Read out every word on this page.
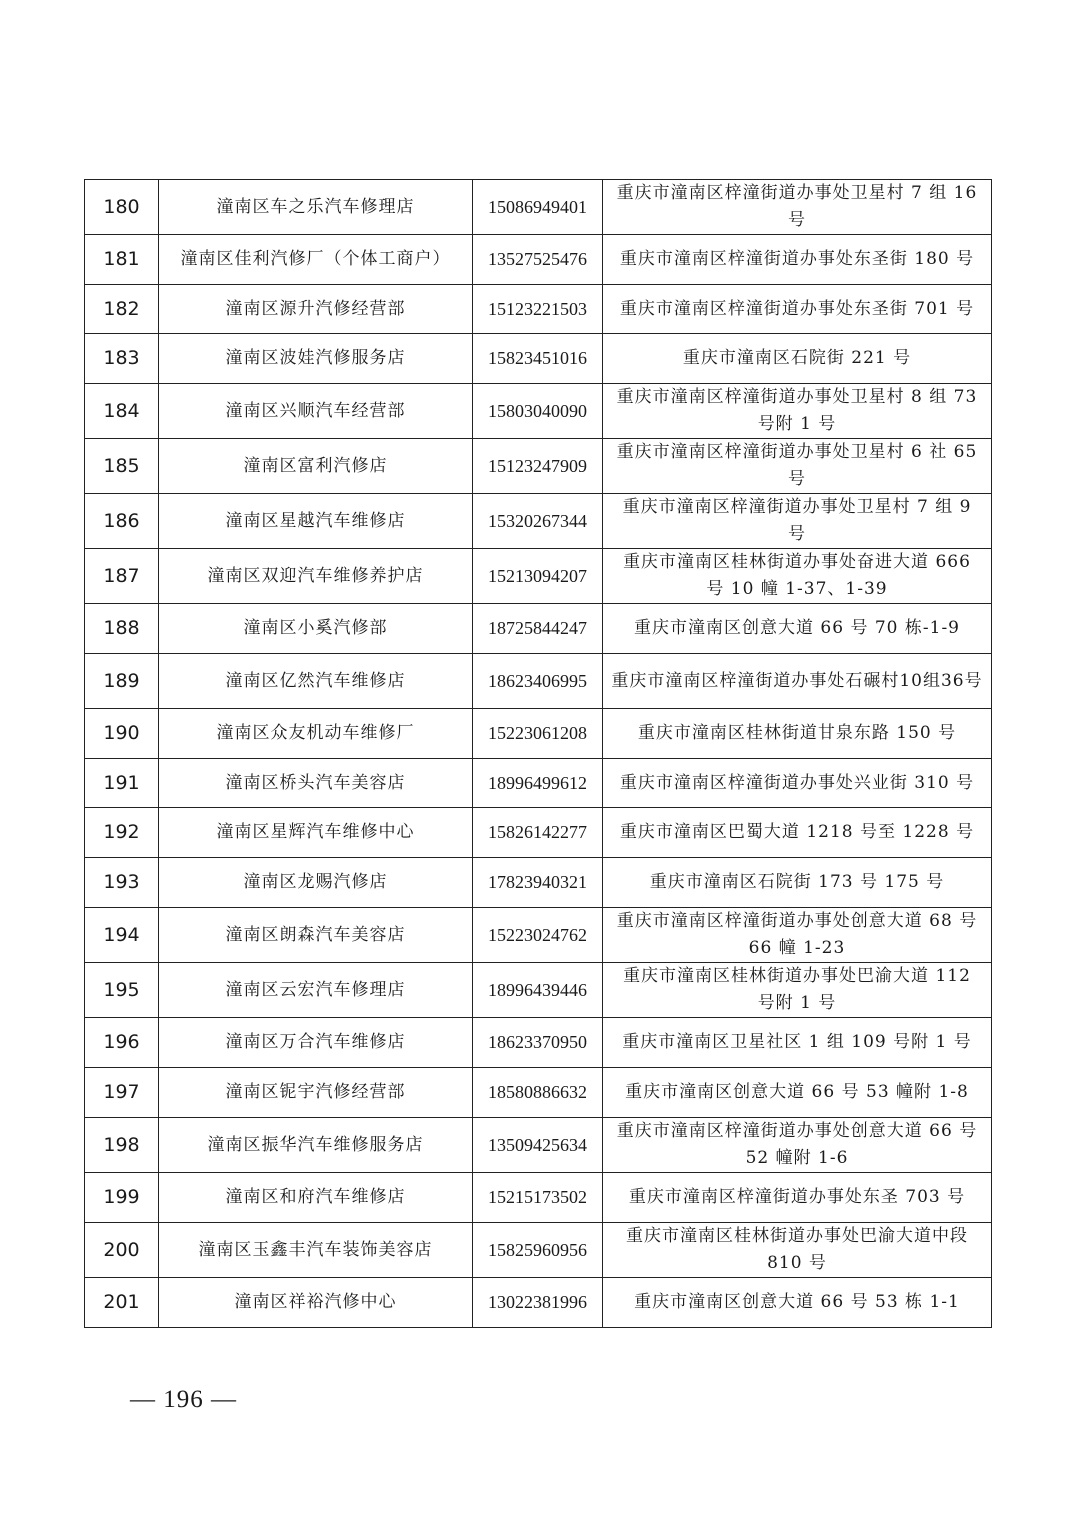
180	潼南区车之乐汽车修理店	15086949401	重庆市潼南区梓潼街道办事处卫星村 7 组 16 号
181	潼南区佳利汽修厂（个体工商户）	13527525476	重庆市潼南区梓潼街道办事处东圣街 180 号
182	潼南区源升汽修经营部	15123221503	重庆市潼南区梓潼街道办事处东圣街 701 号
183	潼南区波娃汽修服务店	15823451016	重庆市潼南区石院街 221 号
184	潼南区兴顺汽车经营部	15803040090	重庆市潼南区梓潼街道办事处卫星村 8 组 73 号附 1 号
185	潼南区富利汽修店	15123247909	重庆市潼南区梓潼街道办事处卫星村 6 社 65 号
186	潼南区星越汽车维修店	15320267344	重庆市潼南区梓潼街道办事处卫星村 7 组 9 号
187	潼南区双迎汽车维修养护店	15213094207	重庆市潼南区桂林街道办事处奋进大道 666 号 10 幢 1-37、1-39
188	潼南区小奚汽修部	18725844247	重庆市潼南区创意大道 66 号 70 栋-1-9
189	潼南区亿然汽车维修店	18623406995	重庆市潼南区梓潼街道办事处石碾村10组36号
190	潼南区众友机动车维修厂	15223061208	重庆市潼南区桂林街道甘泉东路 150 号
191	潼南区桥头汽车美容店	18996499612	重庆市潼南区梓潼街道办事处兴业街 310 号
192	潼南区星辉汽车维修中心	15826142277	重庆市潼南区巴蜀大道 1218 号至 1228 号
193	潼南区龙赐汽修店	17823940321	重庆市潼南区石院街 173 号 175 号
194	潼南区朗森汽车美容店	15223024762	重庆市潼南区梓潼街道办事处创意大道 68 号 66 幢 1-23
195	潼南区云宏汽车修理店	18996439446	重庆市潼南区桂林街道办事处巴渝大道 112 号附 1 号
196	潼南区万合汽车维修店	18623370950	重庆市潼南区卫星社区 1 组 109 号附 1 号
197	潼南区铌宇汽修经营部	18580886632	重庆市潼南区创意大道 66 号 53 幢附 1-8
198	潼南区振华汽车维修服务店	13509425634	重庆市潼南区梓潼街道办事处创意大道 66 号 52 幢附 1-6
199	潼南区和府汽车维修店	15215173502	重庆市潼南区梓潼街道办事处东圣 703 号
200	潼南区玉鑫丰汽车装饰美容店	15825960956	重庆市潼南区桂林街道办事处巴渝大道中段 810 号
201	潼南区祥裕汽修中心	13022381996	重庆市潼南区创意大道 66 号 53 栋 1-1
— 196 —
